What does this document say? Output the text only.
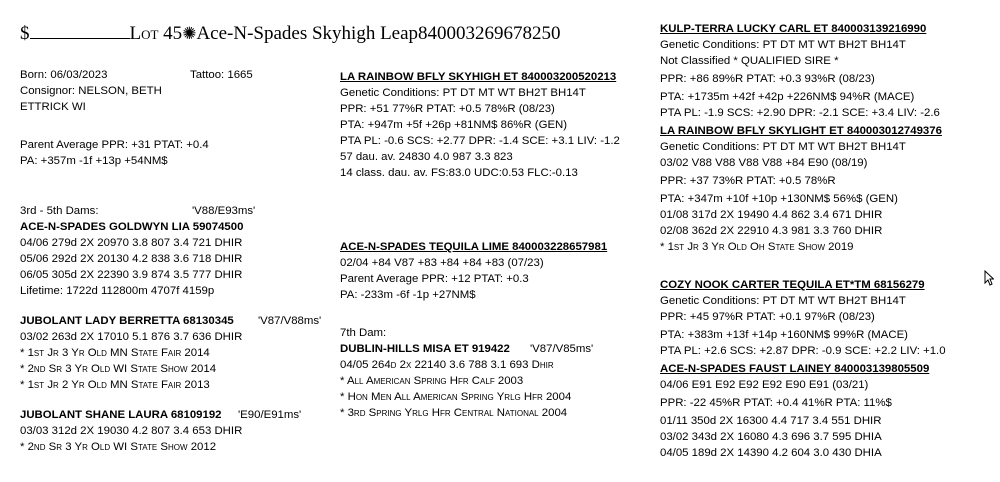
$	Lot 45✺Ace-N-Spades Skyhigh Leap840003269678250
Born: 06/03/2023	Tattoo: 1665
Consignor: NELSON, BETH
ETTRICK WI
Parent Average PPR: +31 PTAT: +0.4
PA: +357m -1f +13p +54NM$
3rd - 5th Dams:	'V88/E93ms'
ACE-N-SPADES GOLDWYN LIA 59074500
04/06 279d 2X 20970 3.8 807 3.4 721 DHIR
05/06 292d 2X 20130 4.2 838 3.6 718 DHIR
06/05 305d 2X 22390 3.9 874 3.5 777 DHIR
Lifetime: 1722d 112800m 4707f 4159p
JUBOLANT LADY BERRETTA 68130345 'V87/V88ms'
03/02 263d 2X 17010 5.1 876 3.7 636 DHIR
* 1st Jr 3 Yr Old MN State Fair 2014
* 2nd Sr 3 Yr Old WI State Show 2014
* 1st Jr 2 Yr Old MN State Fair 2013
JUBOLANT SHANE LAURA 68109192 'E90/E91ms'
03/03 312d 2X 19030 4.2 807 3.4 653 DHIR
* 2nd Sr 3 Yr Old WI State Show 2012
LA RAINBOW BFLY SKYHIGH ET 840003200520213
Genetic Conditions: PT DT MT WT BH2T BH14T
PPR: +51 77%R PTAT: +0.5 78%R (08/23)
PTA: +947m +5f +26p +81NM$ 86%R (GEN)
PTA PL: -0.6 SCS: +2.77 DPR: -1.4 SCE: +3.1 LIV: -1.2
57 dau. av. 24830 4.0 987 3.3 823
14 class. dau. av. FS:83.0 UDC:0.53 FLC:-0.13
ACE-N-SPADES TEQUILA LIME 840003228657981
02/04 +84 V87 +83 +84 +84 +83 (07/23)
Parent Average PPR: +12 PTAT: +0.3
PA: -233m -6f -1p +27NM$
7th Dam:
DUBLIN-HILLS MISA ET 919422 'V87/V85ms'
04/05 264d 2x 22140 3.6 788 3.1 693 Dhir
* All American Spring Hfr Calf 2003
* Hon Men All American Spring Yrlg Hfr 2004
* 3rd Spring Yrlg Hfr Central National 2004
KULP-TERRA LUCKY CARL ET 840003139216990
Genetic Conditions: PT DT MT WT BH2T BH14T
Not Classified * QUALIFIED SIRE *
PPR: +86 89%R PTAT: +0.3 93%R (08/23)
PTA: +1735m +42f +42p +226NM$ 94%R (MACE)
PTA PL: -1.9 SCS: +2.90 DPR: -2.1 SCE: +3.4 LIV: -2.6
LA RAINBOW BFLY SKYLIGHT ET 840003012749376
Genetic Conditions: PT DT MT WT BH2T BH14T
03/02 V88 V88 V88 V88 +84 E90 (08/19)
PPR: +37 73%R PTAT: +0.5 78%R
PTA: +347m +10f +10p +130NM$ 56%$ (GEN)
01/08 317d 2X 19490 4.4 862 3.4 671 DHIR
02/08 362d 2X 22910 4.3 981 3.3 760 DHIR
* 1st Jr 3 Yr Old Oh State Show 2019
COZY NOOK CARTER TEQUILA ET*TM 68156279
Genetic Conditions: PT DT MT WT BH2T BH14T
PPR: +45 97%R PTAT: +0.1 97%R (08/23)
PTA: +383m +13f +14p +160NM$ 99%R (MACE)
PTA PL: +2.6 SCS: +2.87 DPR: -0.9 SCE: +2.2 LIV: +1.0
ACE-N-SPADES FAUST LAINEY 840003139805509
04/06 E91 E92 E92 E92 E90 E91 (03/21)
PPR: -22 45%R PTAT: +0.4 41%R PTA: 11%$
01/11 350d 2X 16300 4.4 717 3.4 551 DHIR
03/02 343d 2X 16080 4.3 696 3.7 595 DHIA
04/05 189d 2X 14390 4.2 604 3.0 430 DHIA
